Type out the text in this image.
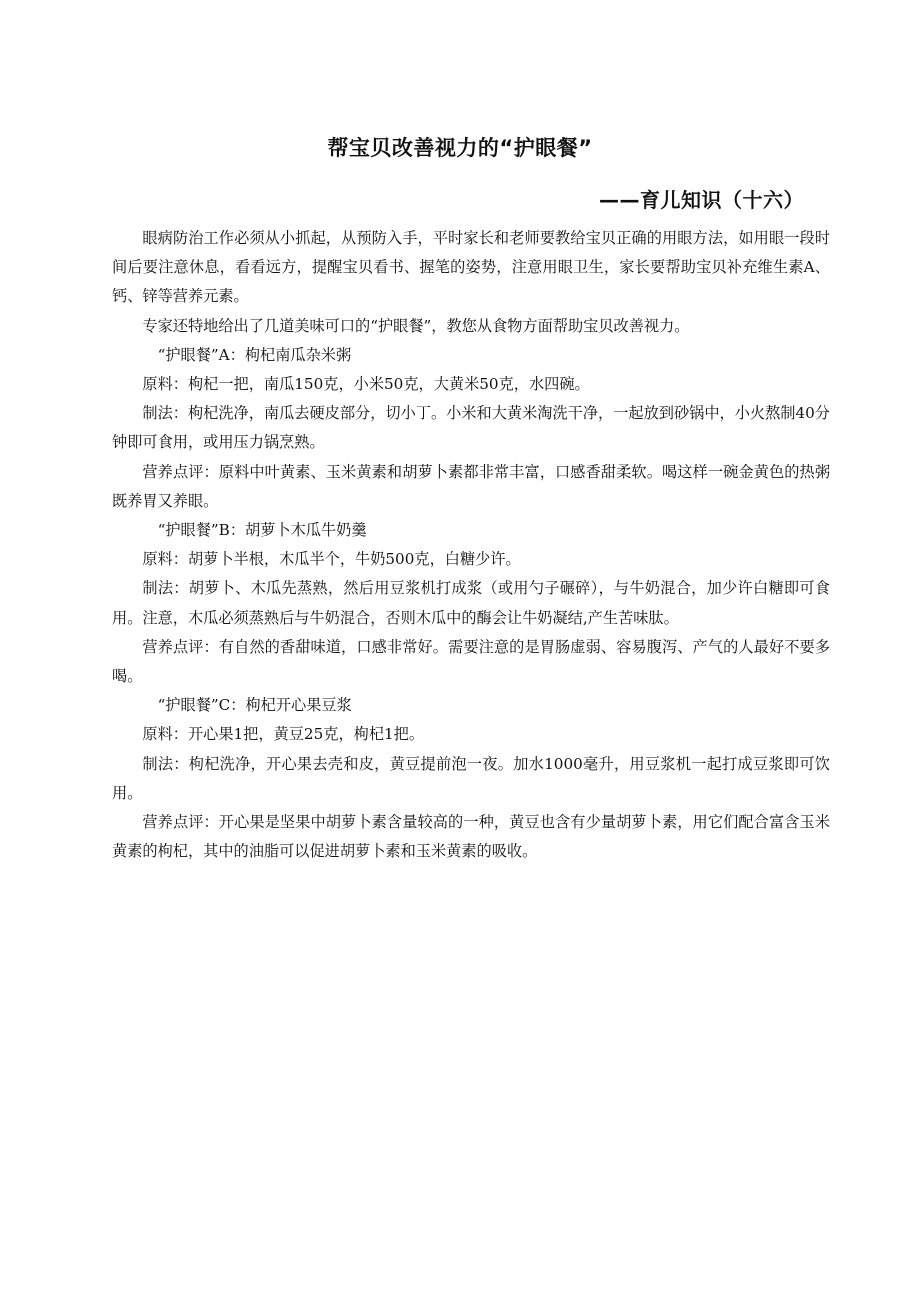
帮宝贝改善视力的“护眼餐”
——育儿知识（十六）

眼病防治工作必须从小抓起，从预防入手，平时家长和老师要教给宝贝正确的用眼方法，如用眼一段时间后要注意休息，看看远方，提醒宝贝看书、握笔的姿势，注意用眼卫生，家长要帮助宝贝补充维生素A、钙、锌等营养元素。

专家还特地给出了几道美味可口的“护眼餐”，教您从食物方面帮助宝贝改善视力。

“护眼餐”A：枸杞南瓜杂米粥

原料：枸杞一把，南瓜150克，小米50克，大黄米50克，水四碗。

制法：枸杞洗净，南瓜去硬皮部分，切小丁。小米和大黄米淘洗干净，一起放到砂锅中，小火熬制40分钟即可食用，或用压力锅烹熟。

营养点评：原料中叶黄素、玉米黄素和胡萝卜素都非常丰富，口感香甜柔软。喝这样一碗金黄色的热粥既养胃又养眼。

“护眼餐”B：胡萝卜木瓜牛奶羹

原料：胡萝卜半根，木瓜半个，牛奶500克，白糖少许。

制法：胡萝卜、木瓜先蒸熟，然后用豆浆机打成浆（或用勺子碾碎），与牛奶混合，加少许白糖即可食用。注意，木瓜必须蒸熟后与牛奶混合，否则木瓜中的酶会让牛奶凝结,产生苦味肽。

营养点评：有自然的香甜味道，口感非常好。需要注意的是胃肠虚弱、容易腹泻、产气的人最好不要多喝。

“护眼餐”C：枸杞开心果豆浆

原料：开心果1把，黄豆25克，枸杞1把。

制法：枸杞洗净，开心果去壳和皮，黄豆提前泡一夜。加水1000毫升，用豆浆机一起打成豆浆即可饮用。

营养点评：开心果是坚果中胡萝卜素含量较高的一种，黄豆也含有少量胡萝卜素，用它们配合富含玉米黄素的枸杞，其中的油脂可以促进胡萝卜素和玉米黄素的吸收。
